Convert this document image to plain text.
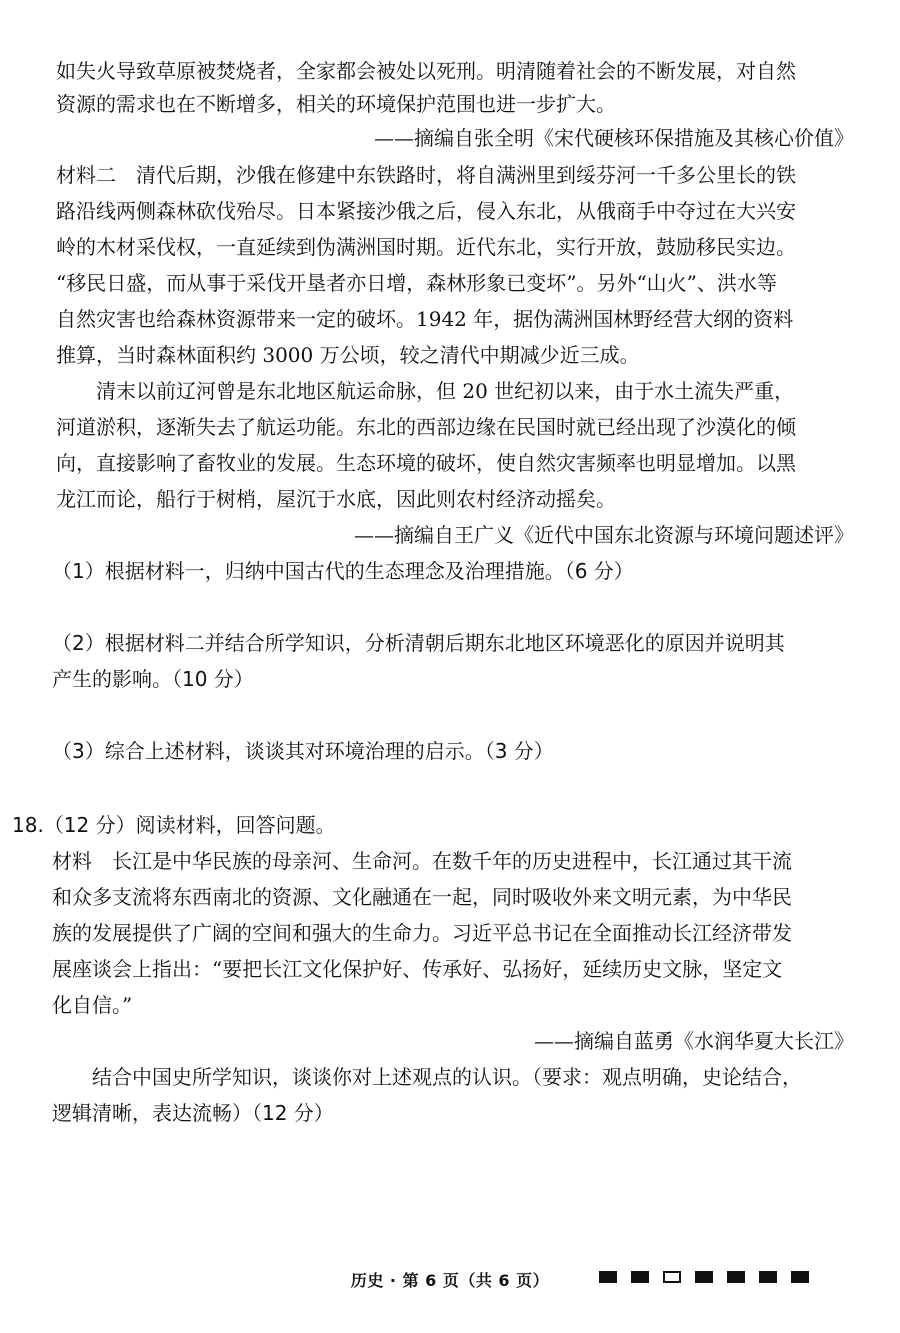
如失火导致草原被焚烧者，全家都会被处以死刑。明清随着社会的不断发展，对自然
资源的需求也在不断增多，相关的环境保护范围也进一步扩大。
——摘编自张全明《宋代硬核环保措施及其核心价值》
材料二　清代后期，沙俄在修建中东铁路时，将自满洲里到绥芬河一千多公里长的铁
路沿线两侧森林砍伐殆尽。日本紧接沙俄之后，侵入东北，从俄商手中夺过在大兴安
岭的木材采伐权，一直延续到伪满洲国时期。近代东北，实行开放，鼓励移民实边。
“移民日盛，而从事于采伐开垦者亦日增，森林形象已变坏”。另外“山火”、洪水等
自然灾害也给森林资源带来一定的破坏。1942 年，据伪满洲国林野经营大纲的资料
推算，当时森林面积约 3000 万公顷，较之清代中期减少近三成。
　　清末以前辽河曾是东北地区航运命脉，但 20 世纪初以来，由于水土流失严重，
河道淤积，逐渐失去了航运功能。东北的西部边缘在民国时就已经出现了沙漠化的倾
向，直接影响了畜牧业的发展。生态环境的破坏，使自然灾害频率也明显增加。以黑
龙江而论，船行于树梢，屋沉于水底，因此则农村经济动摇矣。
——摘编自王广义《近代中国东北资源与环境问题述评》
（1）根据材料一，归纳中国古代的生态理念及治理措施。（6 分）
（2）根据材料二并结合所学知识，分析清朝后期东北地区环境恶化的原因并说明其
产生的影响。（10 分）
（3）综合上述材料，谈谈其对环境治理的启示。（3 分）
18.（12 分）阅读材料，回答问题。
材料　长江是中华民族的母亲河、生命河。在数千年的历史进程中，长江通过其干流
和众多支流将东西南北的资源、文化融通在一起，同时吸收外来文明元素，为中华民
族的发展提供了广阔的空间和强大的生命力。习近平总书记在全面推动长江经济带发
展座谈会上指出：“要把长江文化保护好、传承好、弘扬好，延续历史文脉，坚定文
化自信。”
——摘编自蓝勇《水润华夏大长江》
　　结合中国史所学知识，谈谈你对上述观点的认识。（要求：观点明确，史论结合，
逻辑清晰，表达流畅）（12 分）
历史 · 第 6 页（共 6 页）
